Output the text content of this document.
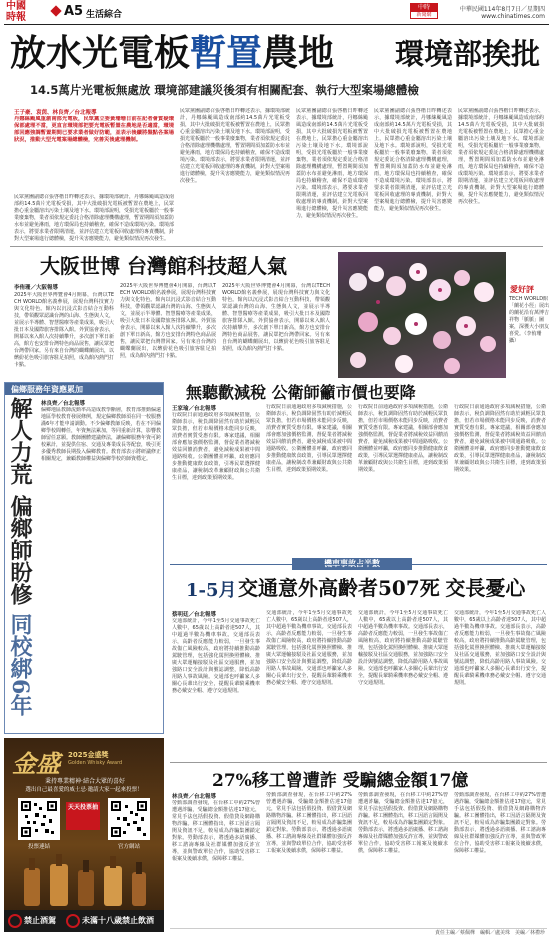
中國
時報	A5 生活綜合
中時
新聞網
中華民國114年8月7日／星期四
www.chinatimes.com
放水光電板暫置農地	環境部挨批
14.5萬片光電板無處放 環境部建議災後須有相關配套、執行大型案場總體檢
王子豪、袁茵、林良齊／台北報導
丹娜絲颱風重創南部光電板，民眾黨立委黃珊珊日前在記者會質疑環保部處理不當，更直言環境部把要光電板暫置在農地是否適當，環境部回應強調暫置期間已要求業者做好防範，並表示後續將盤點各案場狀況，推動大型光電案場總體檢，完善災後處理機制。
民眾黨團副總召張啓楷日昨轉述表示，據環境部統計，丹娜絲颱風造成南部約14.5萬片光電板受損，其中大批破損光電板被暫置在農地上，民眾擔心重金屬溶出污染土壤及地下水。環境部說明，受損光電板屬於一般事業廢棄物，業者須依規定委託合格清除處理機構處理，暫置期間須加蓋防水布並避免淋雨，地方環保局也持續稽查，確保不造成環境污染。環境部表示，將要求業者限期清運，並評估建立光電板回收處理的專責機制，針對大型案場進行總體檢，提升災害應變能力，避免類似情況再次發生。
民眾黨團副總召張啓楷日昨轉述表示，據環境部統計，丹娜絲颱風造成南部約14.5萬片光電板受損，其中大批破損光電板被暫置在農地上，民眾擔心重金屬溶出污染土壤及地下水。環境部說明，受損光電板屬於一般事業廢棄物，業者須依規定委託合格清除處理機構處理，暫置期間須加蓋防水布並避免淋雨，地方環保局也持續稽查，確保不造成環境污染。環境部表示，將要求業者限期清運，並評估建立光電板回收處理的專責機制，針對大型案場進行總體檢，提升災害應變能力，避免類似情況再次發生。
民眾黨團副總召張啓楷日昨轉述表示，據環境部統計，丹娜絲颱風造成南部約14.5萬片光電板受損，其中大批破損光電板被暫置在農地上，民眾擔心重金屬溶出污染土壤及地下水。環境部說明，受損光電板屬於一般事業廢棄物，業者須依規定委託合格清除處理機構處理，暫置期間須加蓋防水布並避免淋雨，地方環保局也持續稽查，確保不造成環境污染。環境部表示，將要求業者限期清運，並評估建立光電板回收處理的專責機制，針對大型案場進行總體檢，提升災害應變能力，避免類似情況再次發生。
民眾黨團副總召張啓楷日昨轉述表示，據環境部統計，丹娜絲颱風造成南部約14.5萬片光電板受損，其中大批破損光電板被暫置在農地上，民眾擔心重金屬溶出污染土壤及地下水。環境部說明，受損光電板屬於一般事業廢棄物，業者須依規定委託合格清除處理機構處理，暫置期間須加蓋防水布並避免淋雨，地方環保局也持續稽查，確保不造成環境污染。環境部表示，將要求業者限期清運，並評估建立光電板回收處理的專責機制，針對大型案場進行總體檢，提升災害應變能力，避免類似情況再次發生。
民眾黨團副總召張啓楷日昨轉述表示，據環境部統計，丹娜絲颱風造成南部約14.5萬片光電板受損，其中大批破損光電板被暫置在農地上，民眾擔心重金屬溶出污染土壤及地下水。環境部說明，受損光電板屬於一般事業廢棄物，業者須依規定委託合格清除處理機構處理，暫置期間須加蓋防水布並避免淋雨，地方環保局也持續稽查，確保不造成環境污染。環境部表示，將要求業者限期清運，並評估建立光電板回收處理的專責機制，針對大型案場進行總體檢，提升災害應變能力，避免類似情況再次發生。
大阪世博 台灣館科技超人氣
李侑珊／大阪報導
2025年大阪世界博覽會4月開幕，台灣以TECH WORLD館名義參展，展現台灣科技實力與文化特色。館內以沉浸式影音結合互動科技，帶領觀眾認識台灣的山海、生態與人文，並展示半導體、智慧醫療等產業成果，吸引大批日本及國際旅客排隊入館。外貿協會表示，開幕以來入館人次持續攀升，多次創下單日新高，館方也安排台灣特色商品展售，讓民眾把台灣帶回家。另有來自台灣的蝴蝶蘭展出，以繽紛花色吸引旅客駐足拍照，成為館內熱門打卡點。
2025年大阪世界博覽會4月開幕，台灣以TECH WORLD館名義參展，展現台灣科技實力與文化特色。館內以沉浸式影音結合互動科技，帶領觀眾認識台灣的山海、生態與人文，並展示半導體、智慧醫療等產業成果，吸引大批日本及國際旅客排隊入館。外貿協會表示，開幕以來入館人次持續攀升，多次創下單日新高，館方也安排台灣特色商品展售，讓民眾把台灣帶回家。另有來自台灣的蝴蝶蘭展出，以繽紛花色吸引旅客駐足拍照，成為館內熱門打卡點。
2025年大阪世界博覽會4月開幕，台灣以TECH WORLD館名義參展，展現台灣科技實力與文化特色。館內以沉浸式影音結合互動科技，帶領觀眾認識台灣的山海、生態與人文，並展示半導體、智慧醫療等產業成果，吸引大批日本及國際旅客排隊入館。外貿協會表示，開幕以來入館人次持續攀升，多次創下單日新高，館方也安排台灣特色商品展售，讓民眾把台灣帶回家。另有來自台灣的蝴蝶蘭展出，以繽紛花色吸引旅客駐足拍照，成為館內熱門打卡點。
愛好評
TECH WORLD館「蘭花小徑」展出的蘭花沿有萬博吉祥物「脈脈」圖案，深獲大小朋友喜愛。（李侑珊攝）
偏鄉服務年資應累加
解人力荒
偏鄉師盼修
同校綁6年
林良齊／台北報導
偏鄉地區教師流動率高造成教學斷層，教育部推動偏遠地區學校教育發展條例，規定偏鄉教師須在同一校服務滿6年才能申請調動。不少偏鄉教師反映，若在不同偏鄉學校間轉任，年資無法累加，等同重新計算，影響教師留任意願。教師團體建議修法，讓偏鄉服務年資可跨校累計，並提供住宿、交通及專業成長等配套，吸引更多優秀教師長期投入偏鄉教育。教育部表示將研議修正相關規定，兼顧教師權益與偏鄉學校的師資穩定。
無聽歡減稅 公衛師籲市價也要降
王家瑜／台北報導
行政院日前通過政府多項減稅措施，公衛師表示，稅負調降固然有助於減輕民眾負擔，但若市場價格未能同步反映，消費者實質受惠有限。專家建議，相關部會應加強價格監測，督促業者將減稅效益回饋消費者，避免減稅成果被中間通路吸收。公衛團體並呼籲，政府應同步推動健康飲食政策，引導民眾選擇健康產品，讓稅制改革兼顧財政與公共衛生目標，達到政策預期效果。
行政院日前通過政府多項減稅措施，公衛師表示，稅負調降固然有助於減輕民眾負擔，但若市場價格未能同步反映，消費者實質受惠有限。專家建議，相關部會應加強價格監測，督促業者將減稅效益回饋消費者，避免減稅成果被中間通路吸收。公衛團體並呼籲，政府應同步推動健康飲食政策，引導民眾選擇健康產品，讓稅制改革兼顧財政與公共衛生目標，達到政策預期效果。
行政院日前通過政府多項減稅措施，公衛師表示，稅負調降固然有助於減輕民眾負擔，但若市場價格未能同步反映，消費者實質受惠有限。專家建議，相關部會應加強價格監測，督促業者將減稅效益回饋消費者，避免減稅成果被中間通路吸收。公衛團體並呼籲，政府應同步推動健康飲食政策，引導民眾選擇健康產品，讓稅制改革兼顧財政與公共衛生目標，達到政策預期效果。
行政院日前通過政府多項減稅措施，公衛師表示，稅負調降固然有助於減輕民眾負擔，但若市場價格未能同步反映，消費者實質受惠有限。專家建議，相關部會應加強價格監測，督促業者將減稅效益回饋消費者，避免減稅成果被中間通路吸收。公衛團體並呼籲，政府應同步推動健康飲食政策，引導民眾選擇健康產品，讓稅制改革兼顧財政與公共衛生目標，達到政策預期效果。
1-5月 交通意外高齡者507死 交長憂心
蔡明廷／台北報導
交通部統計，今年1至5月交通事故死亡人數中，65歲以上高齡者達507人，其中超過半數為機車事故。交通部長表示，高齡者反應能力較弱，一旦發生事故傷亡風險較高，政府將持續推動高齡駕駛管理，包括強化駕照換照體檢、推廣大眾運輸接駁及社區交通服務，並加強路口安全設計與號誌調整，降低高齡用路人事故風險。交通部也呼籲家人多關心長輩出行安全，提醒長輩騎乘機車務必戴安全帽、遵守交通規則。
交通部統計，今年1至5月交通事故死亡人數中，65歲以上高齡者達507人，其中超過半數為機車事故。交通部長表示，高齡者反應能力較弱，一旦發生事故傷亡風險較高，政府將持續推動高齡駕駛管理，包括強化駕照換照體檢、推廣大眾運輸接駁及社區交通服務，並加強路口安全設計與號誌調整，降低高齡用路人事故風險。交通部也呼籲家人多關心長輩出行安全，提醒長輩騎乘機車務必戴安全帽、遵守交通規則。
交通部統計，今年1至5月交通事故死亡人數中，65歲以上高齡者達507人，其中超過半數為機車事故。交通部長表示，高齡者反應能力較弱，一旦發生事故傷亡風險較高，政府將持續推動高齡駕駛管理，包括強化駕照換照體檢、推廣大眾運輸接駁及社區交通服務，並加強路口安全設計與號誌調整，降低高齡用路人事故風險。交通部也呼籲家人多關心長輩出行安全，提醒長輩騎乘機車務必戴安全帽、遵守交通規則。
交通部統計，今年1至5月交通事故死亡人數中，65歲以上高齡者達507人，其中超過半數為機車事故。交通部長表示，高齡者反應能力較弱，一旦發生事故傷亡風險較高，政府將持續推動高齡駕駛管理，包括強化駕照換照體檢、推廣大眾運輸接駁及社區交通服務，並加強路口安全設計與號誌調整，降低高齡用路人事故風險。交通部也呼籲家人多關心長輩出行安全，提醒長輩騎乘機車務必戴安全帽、遵守交通規則。
27%移工曾遭詐 受騙總金額17億
林良齊／台北報導
勞動部調查發現，在台移工中約27%曾遭遇詐騙，受騙總金額推估達17億元，常見手法包括假投資、假借貸及網路購物詐騙。移工團體指出，移工因語言隔閡及資訊不足，較易成為詐騙集團鎖定對象。勞動部表示，將透過多語廣播、移工諮詢專線及社群媒體加強反詐宣導，並與警政單位合作，協助受害移工報案及後續求償，保障移工權益。
勞動部調查發現，在台移工中約27%曾遭遇詐騙，受騙總金額推估達17億元，常見手法包括假投資、假借貸及網路購物詐騙。移工團體指出，移工因語言隔閡及資訊不足，較易成為詐騙集團鎖定對象。勞動部表示，將透過多語廣播、移工諮詢專線及社群媒體加強反詐宣導，並與警政單位合作，協助受害移工報案及後續求償，保障移工權益。
勞動部調查發現，在台移工中約27%曾遭遇詐騙，受騙總金額推估達17億元，常見手法包括假投資、假借貸及網路購物詐騙。移工團體指出，移工因語言隔閡及資訊不足，較易成為詐騙集團鎖定對象。勞動部表示，將透過多語廣播、移工諮詢專線及社群媒體加強反詐宣導，並與警政單位合作，協助受害移工報案及後續求償，保障移工權益。
勞動部調查發現，在台移工中約27%曾遭遇詐騙，受騙總金額推估達17億元，常見手法包括假投資、假借貸及網路購物詐騙。移工團體指出，移工因語言隔閡及資訊不足，較易成為詐騙集團鎖定對象。勞動部表示，將透過多語廣播、移工諮詢專線及社群媒體加強反詐宣導，並與警政單位合作，協助受害移工報案及後續求償，保障移工權益。
金盛 2025金盛獎
Golden Whisky Award
秉持專業精神·結合大眾的喜好
選出自己最喜愛的威士忌·邀請大家一起來投票！
投票連結
天天投票抽
官方網站
禁止酒駕	未滿十八歲禁止飲酒
責任主編／蔡佩樺　編輯／盧美珠　美編／林禮珍
